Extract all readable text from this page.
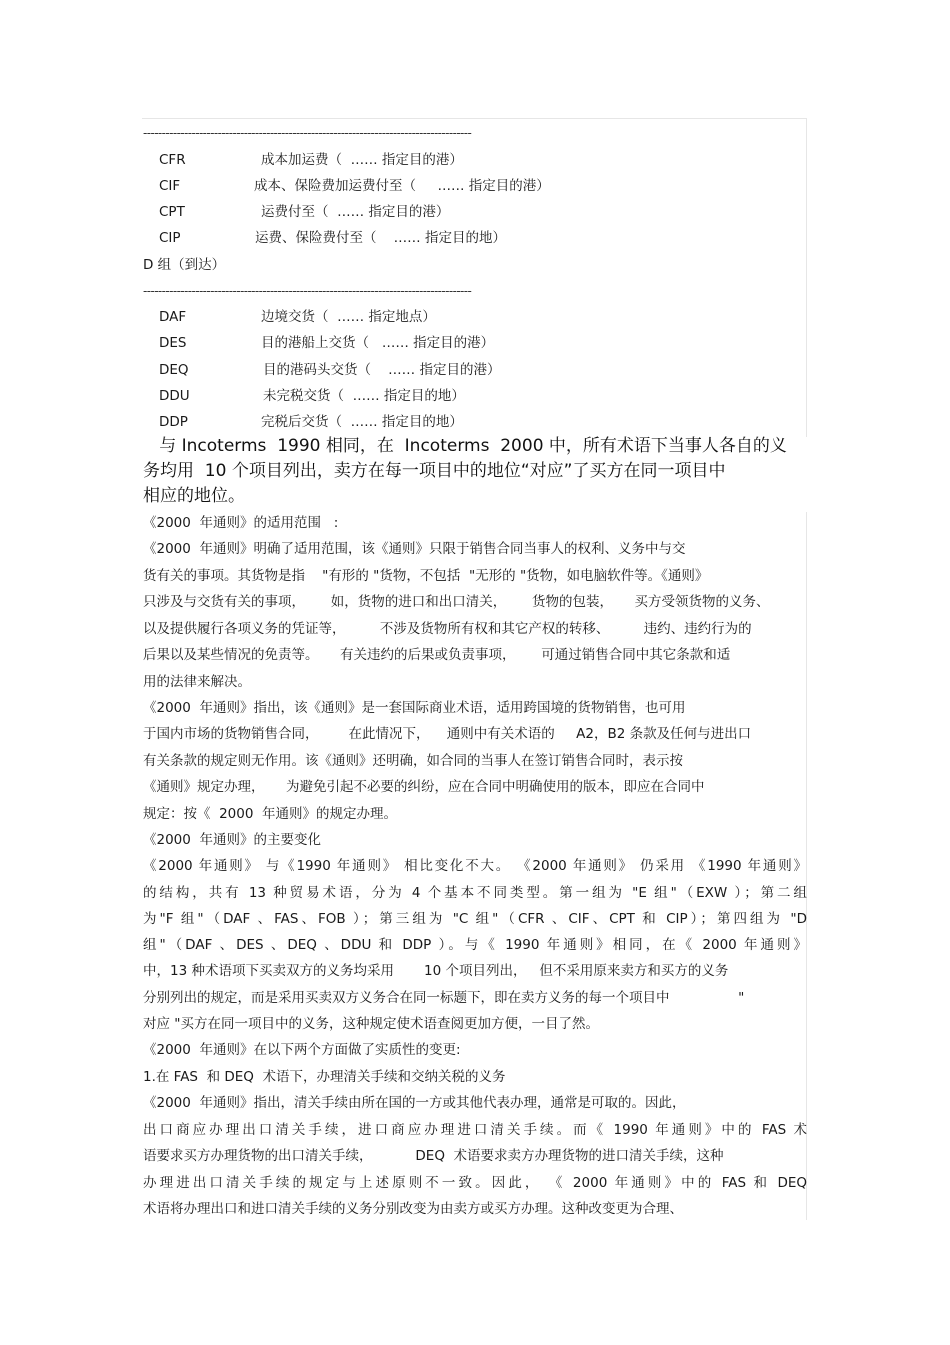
----------------------------------------------------------------------------------------
CFR	成本加运费（  …… 指定目的港）
CIF	成本、保险费加运费付至（     …… 指定目的港）
CPT	运费付至（  …… 指定目的港）
CIP	运费、保险费付至（    …… 指定目的地）
D 组（到达）
----------------------------------------------------------------------------------------
DAF	边境交货（  …… 指定地点）
DES	目的港船上交货（   …… 指定目的港）
DEQ	目的港码头交货（    …… 指定目的港）
DDU	未完税交货（  …… 指定目的地）
DDP	完税后交货（  …… 指定目的地）
与 Incoterms  1990 相同，在  Incoterms  2000 中，所有术语下当事人各自的义
务均用  10 个项目列出，卖方在每一项目中的地位“对应”了买方在同一项目中
相应的地位。
《2000  年通则》的适用范围   :
《2000  年通则》明确了适用范围，该《通则》只限于销售合同当事人的权利、义务中与交
货有关的事项。其货物是指    "有形的 "货物，不包括  "无形的 "货物，如电脑软件等。《通则》
只涉及与交货有关的事项，      如，货物的进口和出口清关，      货物的包装，     买方受领货物的义务、
以及提供履行各项义务的凭证等，        不涉及货物所有权和其它产权的转移、        违约、违约行为的
后果以及某些情况的免责等。     有关违约的后果或负责事项，      可通过销售合同中其它条款和适
用的法律来解决。
《2000  年通则》指出，该《通则》是一套国际商业术语，适用跨国境的货物销售，也可用
于国内市场的货物销售合同，       在此情况下，    通则中有关术语的     A2，B2 条款及任何与进出口
有关条款的规定则无作用。该《通则》还明确，如合同的当事人在签订销售合同时，表示按
《通则》规定办理，     为避免引起不必要的纠纷，应在合同中明确使用的版本，即应在合同中
规定：按《  2000  年通则》的规定办理。
《2000  年通则》的主要变化
《2000 年通则》 与《1990 年通则》 相比变化不大。 《2000 年通则》 仍采用 《1990 年通则》
的结构，共有 13 种贸易术语，分为 4 个基本不同类型。第一组为 "E 组"（EXW ）；第二组
为"F 组"（DAF 、FAS、FOB ）；第三组为 "C 组"（CFR 、CIF、CPT 和 CIP）；第四组为 "D
组"（DAF 、DES 、DEQ 、DDU 和 DDP ）。与《 1990 年通则》相同，在《 2000 年通则》
中，13 种术语项下买卖双方的义务均采用       10 个项目列出，   但不采用原来卖方和买方的义务
分别列出的规定，而是采用买卖双方义务合在同一标题下，即在卖方义务的每一个项目中                "
对应 "买方在同一项目中的义务，这种规定使术语查阅更加方便，一目了然。
《2000  年通则》在以下两个方面做了实质性的变更:
1.在 FAS  和 DEQ  术语下，办理清关手续和交纳关税的义务
《2000  年通则》指出，清关手续由所在国的一方或其他代表办理，通常是可取的。因此，
出口商应办理出口清关手续，进口商应办理进口清关手续。而《 1990 年通则》中的 FAS 术
语要求买方办理货物的出口清关手续，          DEQ  术语要求卖方办理货物的进口清关手续，这种
办理进出口清关手续的规定与上述原则不一致。因此， 《 2000 年通则》中的 FAS 和 DEQ
术语将办理出口和进口清关手续的义务分别改变为由卖方或买方办理。这种改变更为合理、
